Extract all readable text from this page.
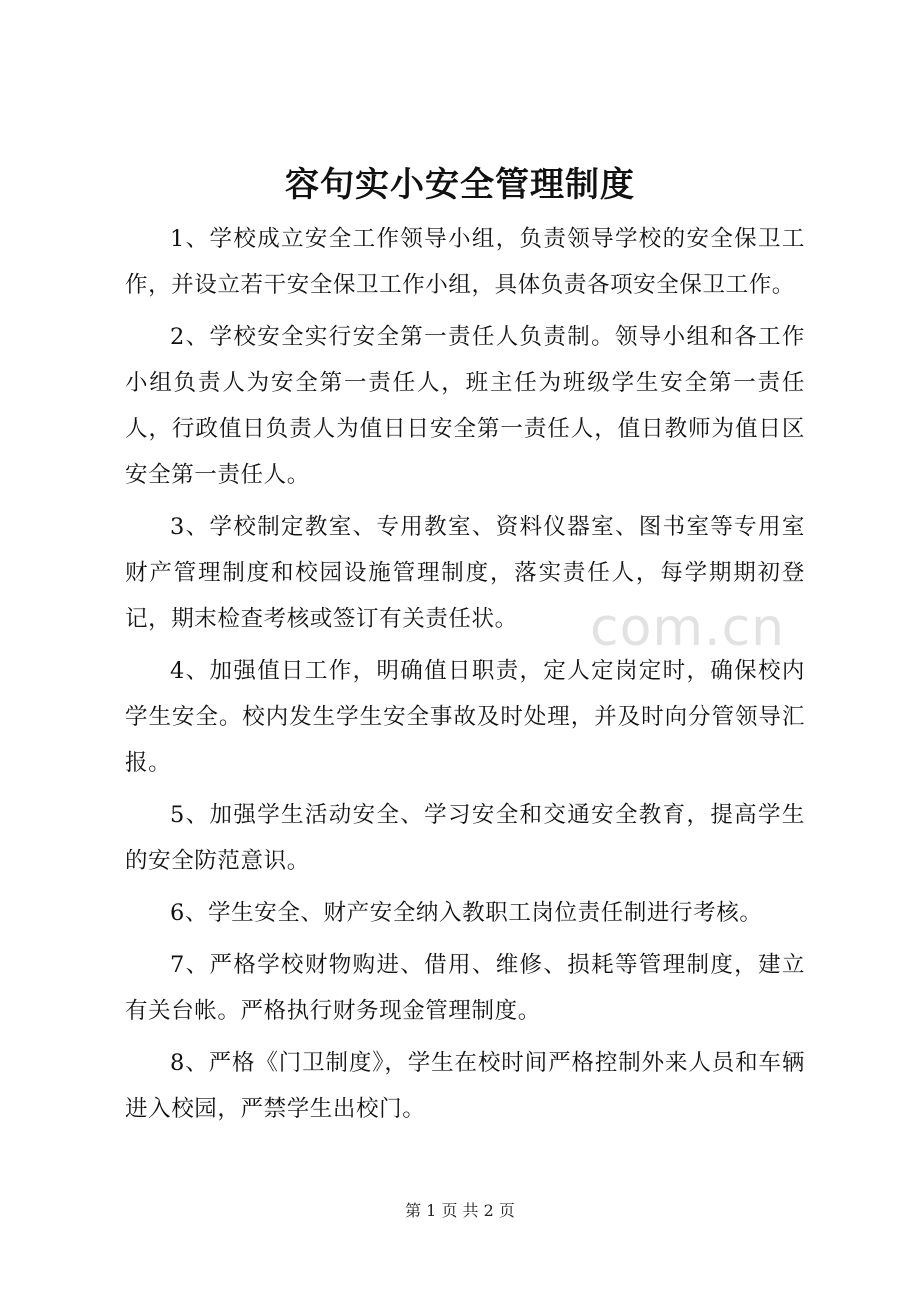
容句实小安全管理制度

1、学校成立安全工作领导小组，负责领导学校的安全保卫工作，并设立若干安全保卫工作小组，具体负责各项安全保卫工作。

2、学校安全实行安全第一责任人负责制。领导小组和各工作小组负责人为安全第一责任人，班主任为班级学生安全第一责任人，行政值日负责人为值日日安全第一责任人，值日教师为值日区安全第一责任人。

3、学校制定教室、专用教室、资料仪器室、图书室等专用室财产管理制度和校园设施管理制度，落实责任人，每学期期初登记，期末检查考核或签订有关责任状。

4、加强值日工作，明确值日职责，定人定岗定时，确保校内学生安全。校内发生学生安全事故及时处理，并及时向分管领导汇报。

5、加强学生活动安全、学习安全和交通安全教育，提高学生的安全防范意识。

6、学生安全、财产安全纳入教职工岗位责任制进行考核。

7、严格学校财物购进、借用、维修、损耗等管理制度，建立有关台帐。严格执行财务现金管理制度。

8、严格《门卫制度》，学生在校时间严格控制外来人员和车辆进入校园，严禁学生出校门。

com.cn
第 1 页 共 2 页
